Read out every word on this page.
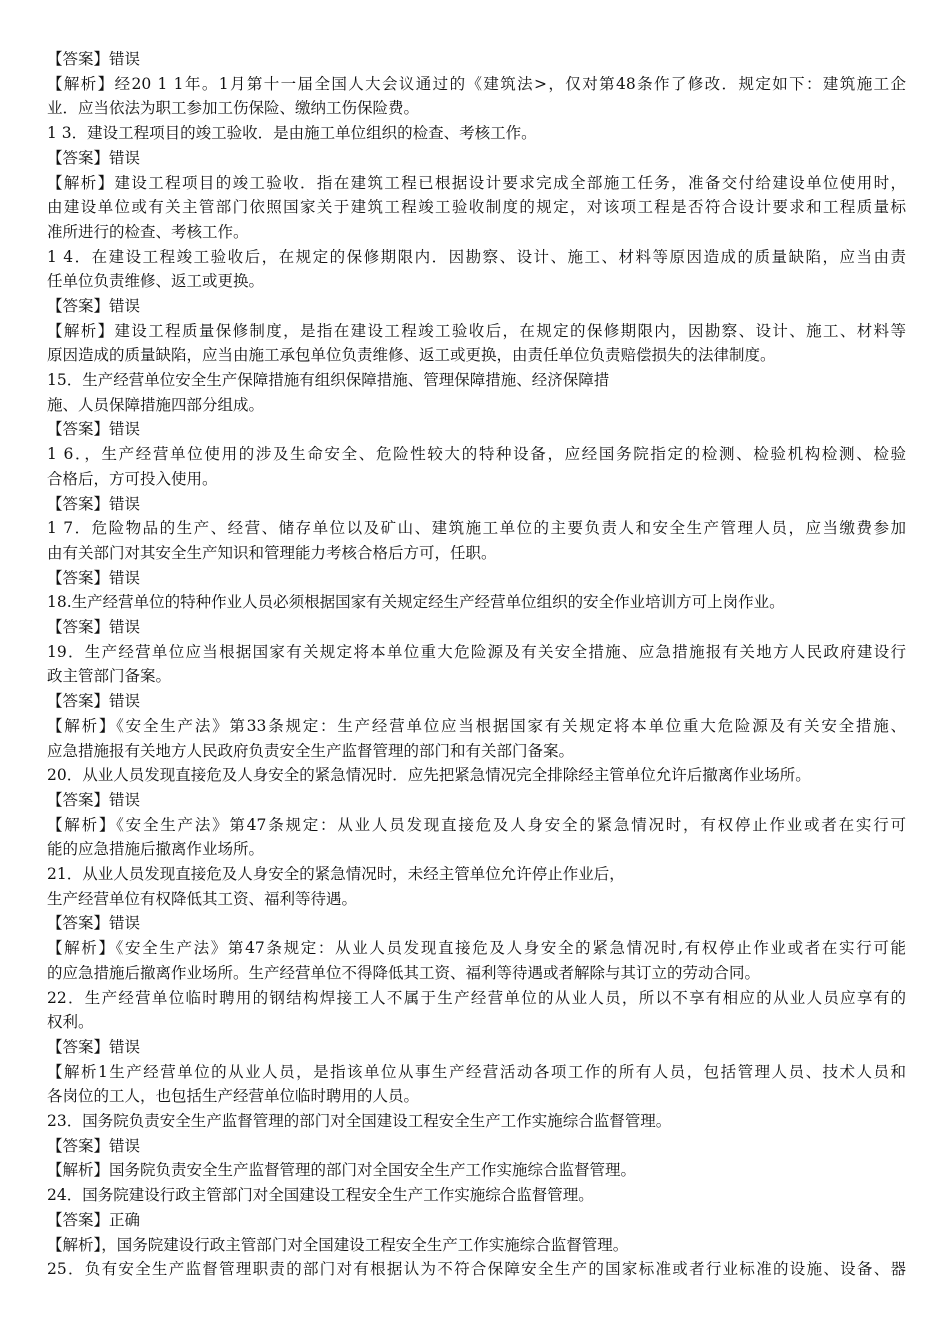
【答案】错误
【解析】经20 1 1年。1月第十一届全国人大会议通过的《建筑法>，仅对第48条作了修改．规定如下：建筑施工企
业．应当依法为职工参加工伤保险、缴纳工伤保险费。
1 3．建设工程项目的竣工验收．是由施工单位组织的检查、考核工作。
【答案】错误
【解析】建设工程项目的竣工验收．指在建筑工程已根据设计要求完成全部施工任务，准备交付给建设单位使用时，
由建设单位或有关主管部门依照国家关于建筑工程竣工验收制度的规定，对该项工程是否符合设计要求和工程质量标
准所进行的检查、考核工作。
1 4．在建设工程竣工验收后，在规定的保修期限内．因勘察、设计、施工、材料等原因造成的质量缺陷，应当由责
任单位负责维修、返工或更换。
【答案】错误
【解析】建设工程质量保修制度，是指在建设工程竣工验收后，在规定的保修期限内，因勘察、设计、施工、材料等
原因造成的质量缺陷，应当由施工承包单位负责维修、返工或更换，由责任单位负责赔偿损失的法律制度。
15．生产经营单位安全生产保障措施有组织保障措施、管理保障措施、经济保障措
施、人员保障措施四部分组成。
【答案】错误
1 6．，生产经营单位使用的涉及生命安全、危险性较大的特种设备，应经国务院指定的检测、检验机构检测、检验
合格后，方可投入使用。
【答案】错误
1 7．危险物品的生产、经营、储存单位以及矿山、建筑施工单位的主要负责人和安全生产管理人员，应当缴费参加
由有关部门对其安全生产知识和管理能力考核合格后方可，任职。
【答案】错误
18.生产经营单位的特种作业人员必须根据国家有关规定经生产经营单位组织的安全作业培训方可上岗作业。
【答案】错误
19．生产经营单位应当根据国家有关规定将本单位重大危险源及有关安全措施、应急措施报有关地方人民政府建设行
政主管部门备案。
【答案】错误
【解析】《安全生产法》第33条规定：生产经营单位应当根据国家有关规定将本单位重大危险源及有关安全措施、
应急措施报有关地方人民政府负责安全生产监督管理的部门和有关部门备案。
20．从业人员发现直接危及人身安全的紧急情况时．应先把紧急情况完全排除经主管单位允许后撤离作业场所。
【答案】错误
【解析】《安全生产法》第47条规定：从业人员发现直接危及人身安全的紧急情况时，有权停止作业或者在实行可
能的应急措施后撤离作业场所。
21．从业人员发现直接危及人身安全的紧急情况时，未经主管单位允许停止作业后，
生产经营单位有权降低其工资、福利等待遇。
【答案】错误
【解析】《安全生产法》第47条规定：从业人员发现直接危及人身安全的紧急情况时,有权停止作业或者在实行可能
的应急措施后撤离作业场所。生产经营单位不得降低其工资、福利等待遇或者解除与其订立的劳动合同。
22．生产经营单位临时聘用的钢结构焊接工人不属于生产经营单位的从业人员，所以不享有相应的从业人员应享有的
权利。
【答案】错误
【解析1生产经营单位的从业人员，是指该单位从事生产经营活动各项工作的所有人员，包括管理人员、技术人员和
各岗位的工人，也包括生产经营单位临时聘用的人员。
23．国务院负责安全生产监督管理的部门对全国建设工程安全生产工作实施综合监督管理。
【答案】错误
【解析】国务院负责安全生产监督管理的部门对全国安全生产工作实施综合监督管理。
24．国务院建设行政主管部门对全国建设工程安全生产工作实施综合监督管理。
【答案】正确
【解析】，国务院建设行政主管部门对全国建设工程安全生产工作实施综合监督管理。
25．负有安全生产监督管理职责的部门对有根据认为不符合保障安全生产的国家标准或者行业标准的设施、设备、器
